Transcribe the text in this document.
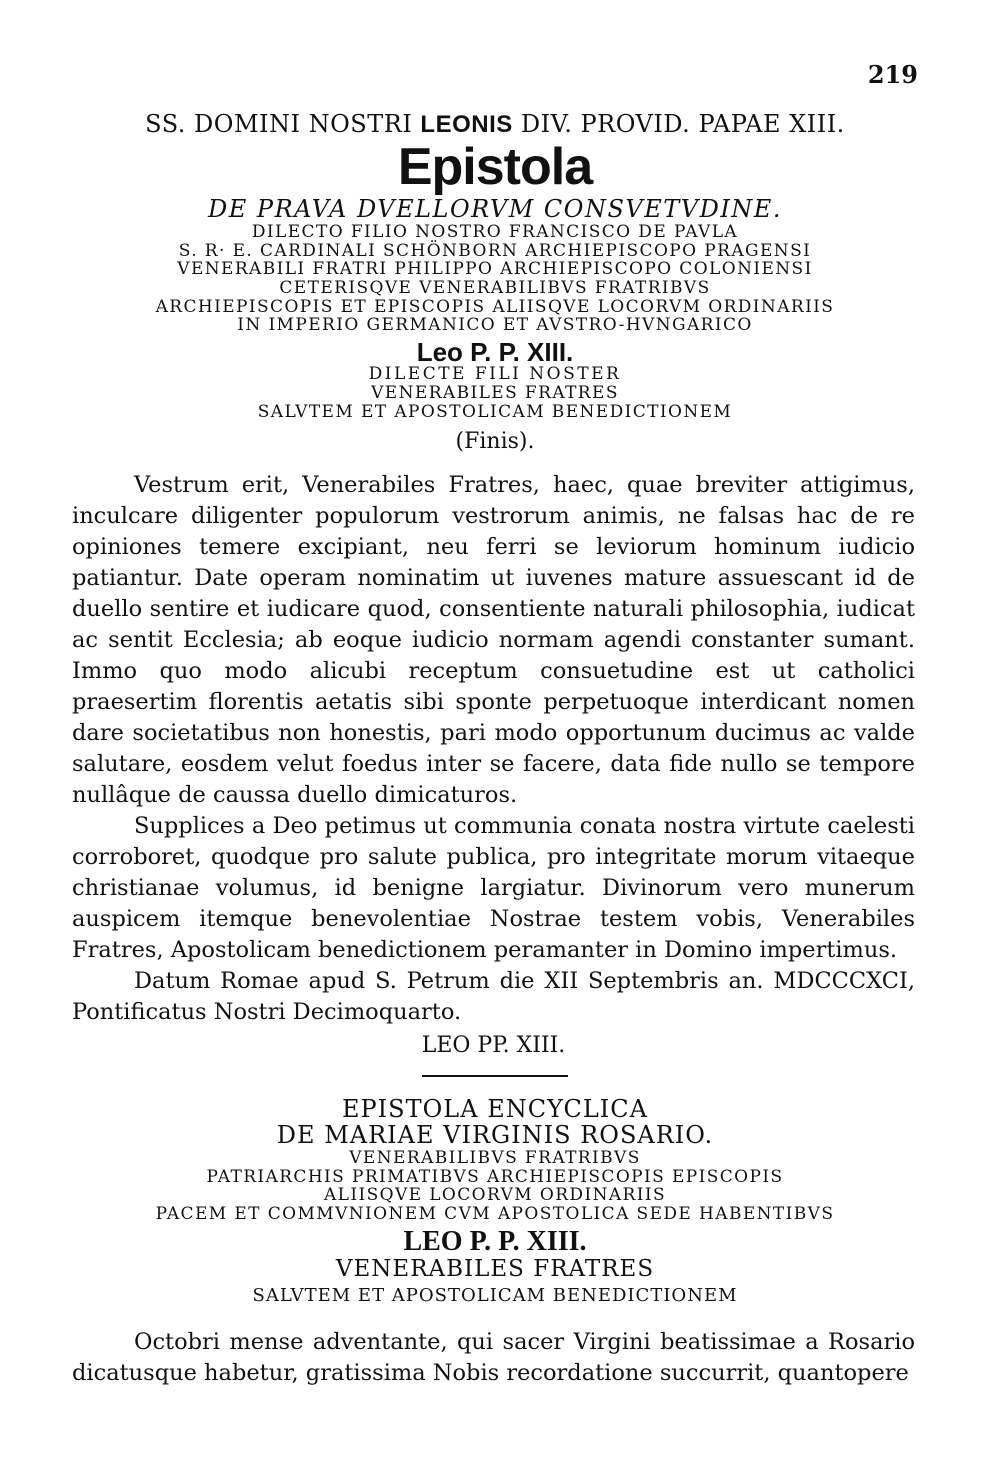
219
SS. DOMINI NOSTRI LEONIS DIV. PROVID. PAPAE XIII.
Epistola
DE PRAVA DVELLORVM CONSVETVDINE.
DILECTO FILIO NOSTRO FRANCISCO DE PAVLA
S. R· E. CARDINALI SCHÖNBORN ARCHIEPISCOPO PRAGENSI
VENERABILI FRATRI PHILIPPO ARCHIEPISCOPO COLONIENSI
CETERISQVE VENERABILIBVS FRATRIBVS
ARCHIEPISCOPIS ET EPISCOPIS ALIISQVE LOCORVM ORDINARIIS
IN IMPERIO GERMANICO ET AVSTRO-HVNGARICO
Leo P. P. XIII.
DILECTE FILI NOSTER
VENERABILES FRATRES
SALVTEM ET APOSTOLICAM BENEDICTIONEM
(Finis).

Vestrum erit, Venerabiles Fratres, haec, quae breviter attigimus, inculcare diligenter populorum vestrorum animis, ne falsas hac de re opiniones temere excipiant, neu ferri se leviorum hominum iudicio patiantur. Date operam nominatim ut iuvenes mature assuescant id de duello sentire et iudicare quod, consentiente naturali philosophia, iudicat ac sentit Ecclesia; ab eoque iudicio normam agendi constanter sumant. Immo quo modo alicubi receptum consuetudine est ut catholici praesertim florentis aetatis sibi sponte perpetuoque interdicant nomen dare societatibus non honestis, pari modo opportunum ducimus ac valde salutare, eosdem velut foedus inter se facere, data fide nullo se tempore nullâque de caussa duello dimicaturos.

Supplices a Deo petimus ut communia conata nostra virtute caelesti corroboret, quodque pro salute publica, pro integritate morum vitaeque christianae volumus, id benigne largiatur. Divinorum vero munerum auspicem itemque benevolentiae Nostrae testem vobis, Venerabiles Fratres, Apostolicam benedictionem peramanter in Domino impertimus.

Datum Romae apud S. Petrum die XII Septembris an. MDCCCXCI, Pontificatus Nostri Decimoquarto.

LEO PP. XIII.
EPISTOLA ENCYCLICA
DE MARIAE VIRGINIS ROSARIO.
VENERABILIBVS FRATRIBVS
PATRIARCHIS PRIMATIBVS ARCHIEPISCOPIS EPISCOPIS
ALIISQVE LOCORVM ORDINARIIS
PACEM ET COMMVNIONEM CVM APOSTOLICA SEDE HABENTIBVS
LEO P. P. XIII.
VENERABILES FRATRES
SALVTEM ET APOSTOLICAM BENEDICTIONEM

Octobri mense adventante, qui sacer Virgini beatissimae a Rosario dicatusque habetur, gratissima Nobis recordatione succurrit, quantopere
